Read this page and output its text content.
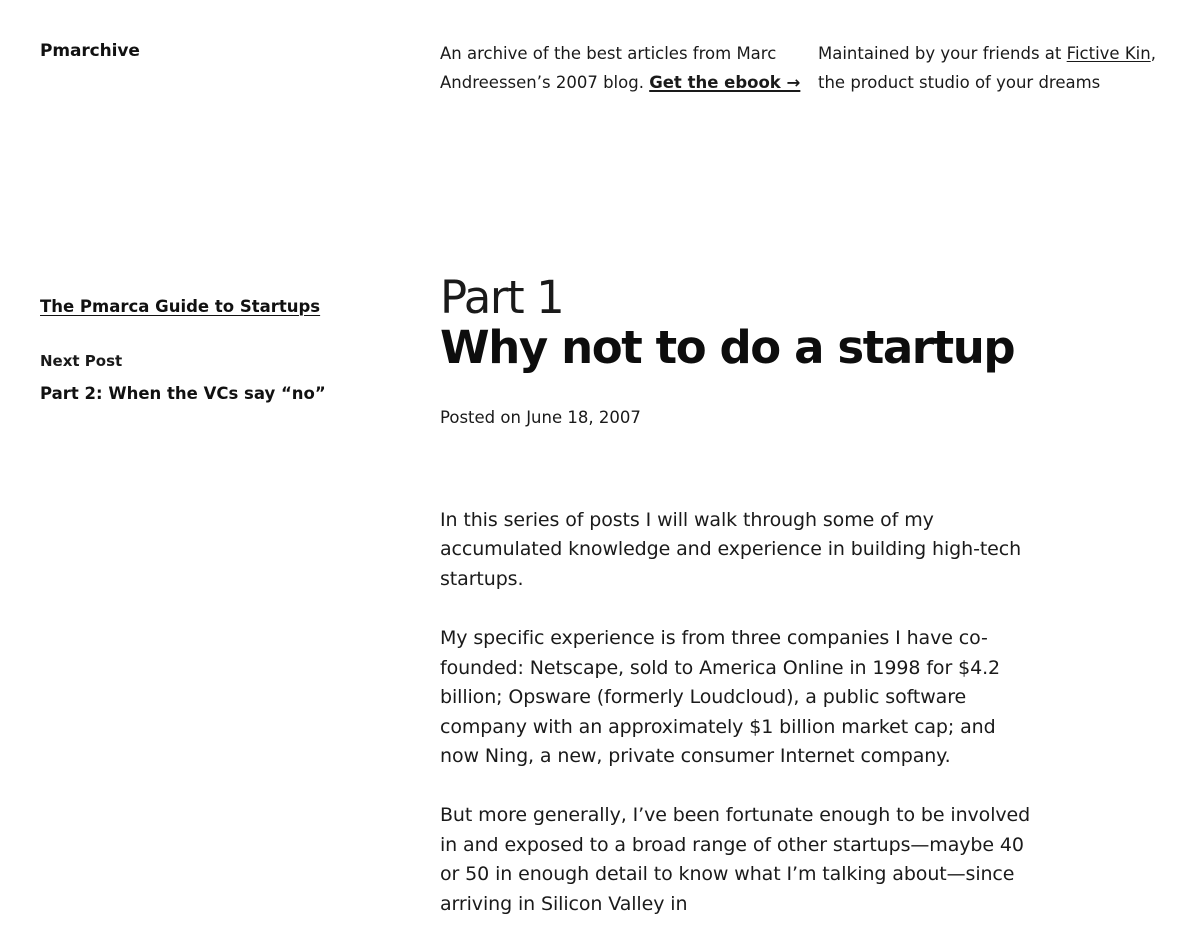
Pmarchive	An archive of the best articles from Marc Andreessen’s 2007 blog. Get the ebook →
Maintained by your friends at Fictive Kin, the product studio of your dreams
The Pmarca Guide to Startups
Next Post
Part 2: When the VCs say “no”
Part 1
Why not to do a startup
Posted on June 18, 2007

In this series of posts I will walk through some of my accumulated knowledge and experience in building high-tech startups.

My specific experience is from three companies I have co-founded: Netscape, sold to America Online in 1998 for $4.2 billion; Opsware (formerly Loudcloud), a public software company with an approximately $1 billion market cap; and now Ning, a new, private consumer Internet company.

But more generally, I’ve been fortunate enough to be involved in and exposed to a broad range of other startups—maybe 40 or 50 in enough detail to know what I’m talking about—since arriving in Silicon Valley in
